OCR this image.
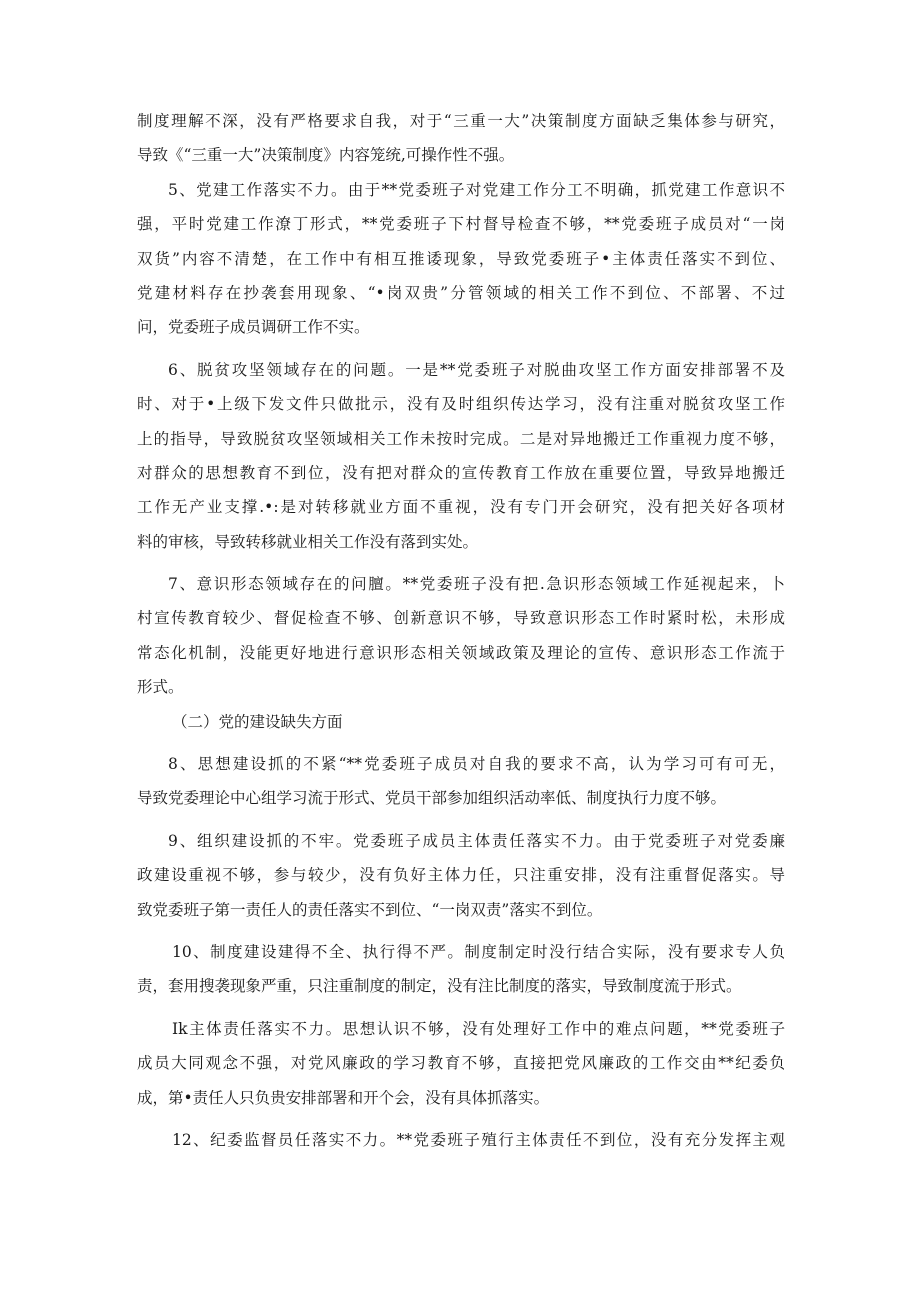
制度理解不深，没有严格要求自我，对于“三重一大”决策制度方面缺乏集体参与研究，
导致《“三重一大”决策制度》内容笼统,可操作性不强。
5、党建工作落实不力。由于**党委班子对党建工作分工不明确，抓党建工作意识不
强，平时党建工作潦丁形式，**党委班子下村督导检查不够，**党委班子成员对“一岗
双货”内容不清楚，在工作中有相互推诿现象，导致党委班子•主体责任落实不到位、
党建材料存在抄袭套用现象、“•岗双贵”分管领域的相关工作不到位、不部署、不过
问，党委班子成员调研工作不实。
6、脱贫攻坚领域存在的问题。一是**党委班子对脱曲攻坚工作方面安排部署不及
时、对于•上级下发文件只做批示，没有及时组织传达学习，没有注重对脱贫攻坚工作
上的指导，导致脱贫攻坚领域相关工作未按时完成。二是对异地搬迁工作重视力度不够，
对群众的思想教育不到位，没有把对群众的宣传教育工作放在重要位置，导致异地搬迁
工作无产业支撑.•:是对转移就业方面不重视，没有专门开会研究，没有把关好各项材
料的审核，导致转移就业相关工作没有落到实处。
7、意识形态领域存在的问膻。**党委班子没有把.急识形态领域工作延视起来，卜
村宣传教育较少、督促检查不够、创新意识不够，导致意识形态工作时紧时松，未形成
常态化机制，没能更好地进行意识形态相关领域政策及理论的宣传、意识形态工作流于
形式。
（二）党的建设缺失方面
8、思想建设抓的不紧“**党委班子成员对自我的要求不高，认为学习可有可无，
导致党委理论中心组学习流于形式、党员干部参加组织活动率低、制度执行力度不够。
9、组织建设抓的不牢。党委班子成员主体责任落实不力。由于党委班子对党委廉
政建设重视不够，参与较少，没有负好主体力任，只注重安排，没有注重督促落实。导
致党委班子第一责任人的责任落实不到位、“一岗双责”落实不到位。
10、制度建设建得不全、执行得不严。制度制定时没行结合实际，没有要求专人负
责，套用搜袭现象严重，只注重制度的制定，没有注比制度的落实，导致制度流于形式。
Ik主体责任落实不力。思想认识不够，没有处理好工作中的难点问题，**党委班子
成员大同观念不强，对党风廉政的学习教育不够，直接把党风廉政的工作交由**纪委负
成，第•责任人只负贵安排部署和开个会，没有具体抓落实。
12、纪委监督员任落实不力。**党委班子殖行主体责任不到位，没有充分发挥主观
